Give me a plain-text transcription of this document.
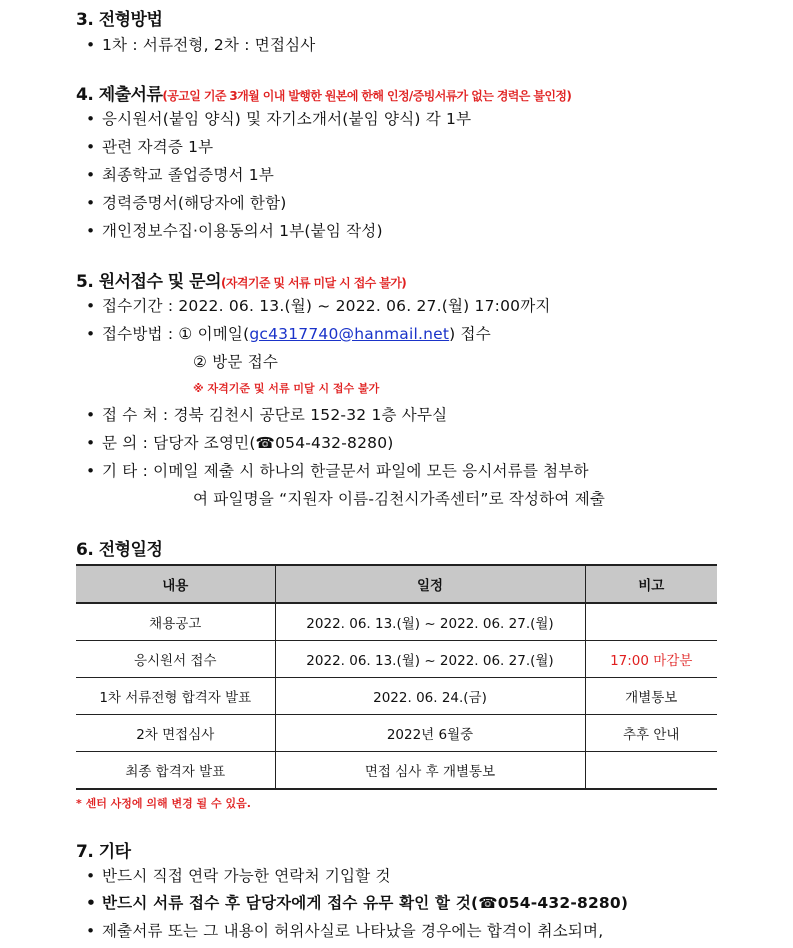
3. 전형방법
• 1차 : 서류전형, 2차 : 면접심사
4. 제출서류(공고일 기준 3개월 이내 발행한 원본에 한해 인정/증빙서류가 없는 경력은 불인정)
• 응시원서(붙임 양식) 및 자기소개서(붙임 양식) 각 1부
• 관련 자격증 1부
• 최종학교 졸업증명서 1부
• 경력증명서(해당자에 한함)
• 개인정보수집·이용동의서 1부(붙임 작성)
5. 원서접수 및 문의(자격기준 및 서류 미달 시 접수 불가)
• 접수기간 : 2022. 06. 13.(월) ~ 2022. 06. 27.(월) 17:00까지
• 접수방법 : ① 이메일(gc4317740@hanmail.net) 접수
② 방문 접수
※ 자격기준 및 서류 미달 시 접수 불가
• 접 수 처 : 경북 김천시 공단로 152-32 1층 사무실
• 문 의 : 담당자 조영민(☎054-432-8280)
• 기 타 : 이메일 제출 시 하나의 한글문서 파일에 모든 응시서류를 첨부하
여 파일명을 “지원자 이름-김천시가족센터”로 작성하여 제출
6. 전형일정
내용	일정	비고
채용공고	2022. 06. 13.(월) ~ 2022. 06. 27.(월)	
응시원서 접수	2022. 06. 13.(월) ~ 2022. 06. 27.(월)	17:00 마감분
1차 서류전형 합격자 발표	2022. 06. 24.(금)	개별통보
2차 면접심사	2022년 6월중	추후 안내
최종 합격자 발표	면접 심사 후 개별통보	
* 센터 사정에 의해 변경 될 수 있음.
7. 기타
• 반드시 직접 연락 가능한 연락처 기입할 것
• 반드시 서류 접수 후 담당자에게 접수 유무 확인 할 것(☎054-432-8280)
• 제출서류 또는 그 내용이 허위사실로 나타났을 경우에는 합격이 취소되며,
